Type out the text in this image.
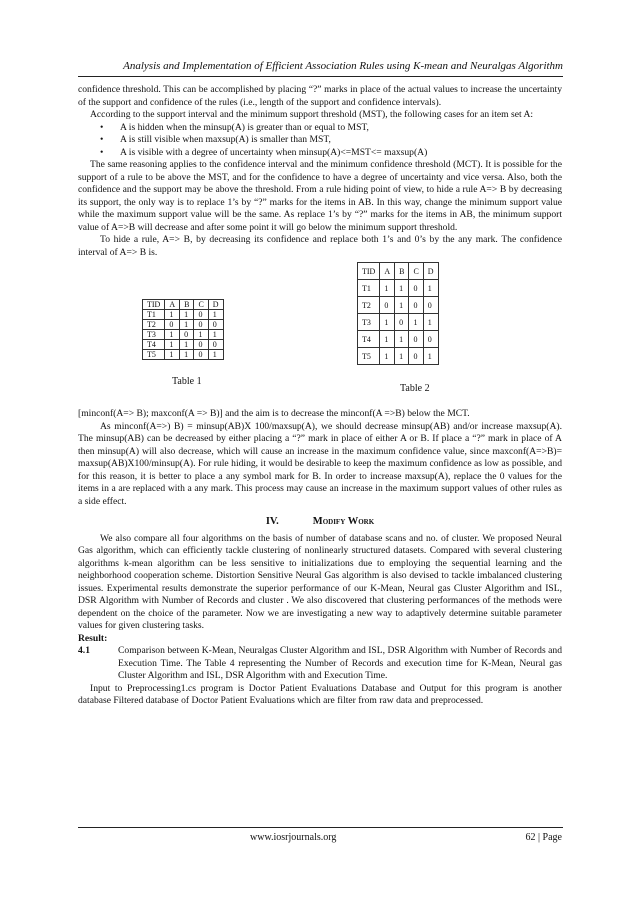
Analysis and Implementation of Efficient Association Rules using K-mean and Neuralgas Algorithm

confidence threshold. This can be accomplished by placing “?” marks in place of the actual values to increase the uncertainty of the support and confidence of the rules (i.e., length of the support and confidence intervals).

According to the support interval and the minimum support threshold (MST), the following cases for an item set A:

• A is hidden when the minsup(A) is greater than or equal to MST,
• A is still visible when maxsup(A) is smaller than MST,
• A is visible with a degree of uncertainty when minsup(A)<=MST<= maxsup(A)

The same reasoning applies to the confidence interval and the minimum confidence threshold (MCT). It is possible for the support of a rule to be above the MST, and for the confidence to have a degree of uncertainty and vice versa. Also, both the confidence and the support may be above the threshold. From a rule hiding point of view, to hide a rule A=> B by decreasing its support, the only way is to replace 1’s by “?” marks for the items in AB. In this way, change the minimum support value while the maximum support value will be the same. As replace 1’s by “?” marks for the items in AB, the minimum support value of A=>B will decrease and after some point it will go below the minimum support threshold.

To hide a rule, A=> B, by decreasing its confidence and replace both 1’s and 0’s by the any mark. The confidence interval of A=> B is.

TID	A	B	C	D
T1	1	1	0	1
T2	0	1	0	0
T3	1	0	1	1
T4	1	1	0	0
T5	1	1	0	1
Table 1
TID	A	B	C	D
T1	1	1	0	1
T2	0	1	0	0
T3	1	0	1	1
T4	1	1	0	0
T5	1	1	0	1
Table 2

[minconf(A=> B); maxconf(A => B)] and the aim is to decrease the minconf(A =>B) below the MCT.

As minconf(A=>) B) = minsup(AB)X 100/maxsup(A), we should decrease minsup(AB) and/or increase maxsup(A). The minsup(AB) can be decreased by either placing a “?” mark in place of either A or B. If place a “?” mark in place of A then minsup(A) will also decrease, which will cause an increase in the maximum confidence value, since maxconf(A=>B)= maxsup(AB)X100/minsup(A). For rule hiding, it would be desirable to keep the maximum confidence as low as possible, and for this reason, it is better to place a any symbol mark for B. In order to increase maxsup(A), replace the 0 values for the items in a are replaced with a any mark. This process may cause an increase in the maximum support values of other rules as a side effect.

IV.	Modify Work

We also compare all four algorithms on the basis of number of database scans and no. of cluster. We proposed Neural Gas algorithm, which can efficiently tackle clustering of nonlinearly structured datasets. Compared with several clustering algorithms k-mean algorithm can be less sensitive to initializations due to employing the sequential learning and the neighborhood cooperation scheme. Distortion Sensitive Neural Gas algorithm is also devised to tackle imbalanced clustering issues. Experimental results demonstrate the superior performance of our K-Mean, Neural gas Cluster Algorithm and ISL, DSR Algorithm with Number of Records and cluster . We also discovered that clustering performances of the methods were dependent on the choice of the parameter. Now we are investigating a new way to adaptively determine suitable parameter values for given clustering tasks.

Result:

4.1	Comparison between K-Mean, Neuralgas Cluster Algorithm and ISL, DSR Algorithm with Number of Records and Execution Time. The Table 4 representing the Number of Records and execution time for K-Mean, Neural gas Cluster Algorithm and ISL, DSR Algorithm with and Execution Time.

Input to Preprocessing1.cs program is Doctor Patient Evaluations Database and Output for this program is another database Filtered database of Doctor Patient Evaluations which are filter from raw data and preprocessed.

www.iosrjournals.org	62 | Page
